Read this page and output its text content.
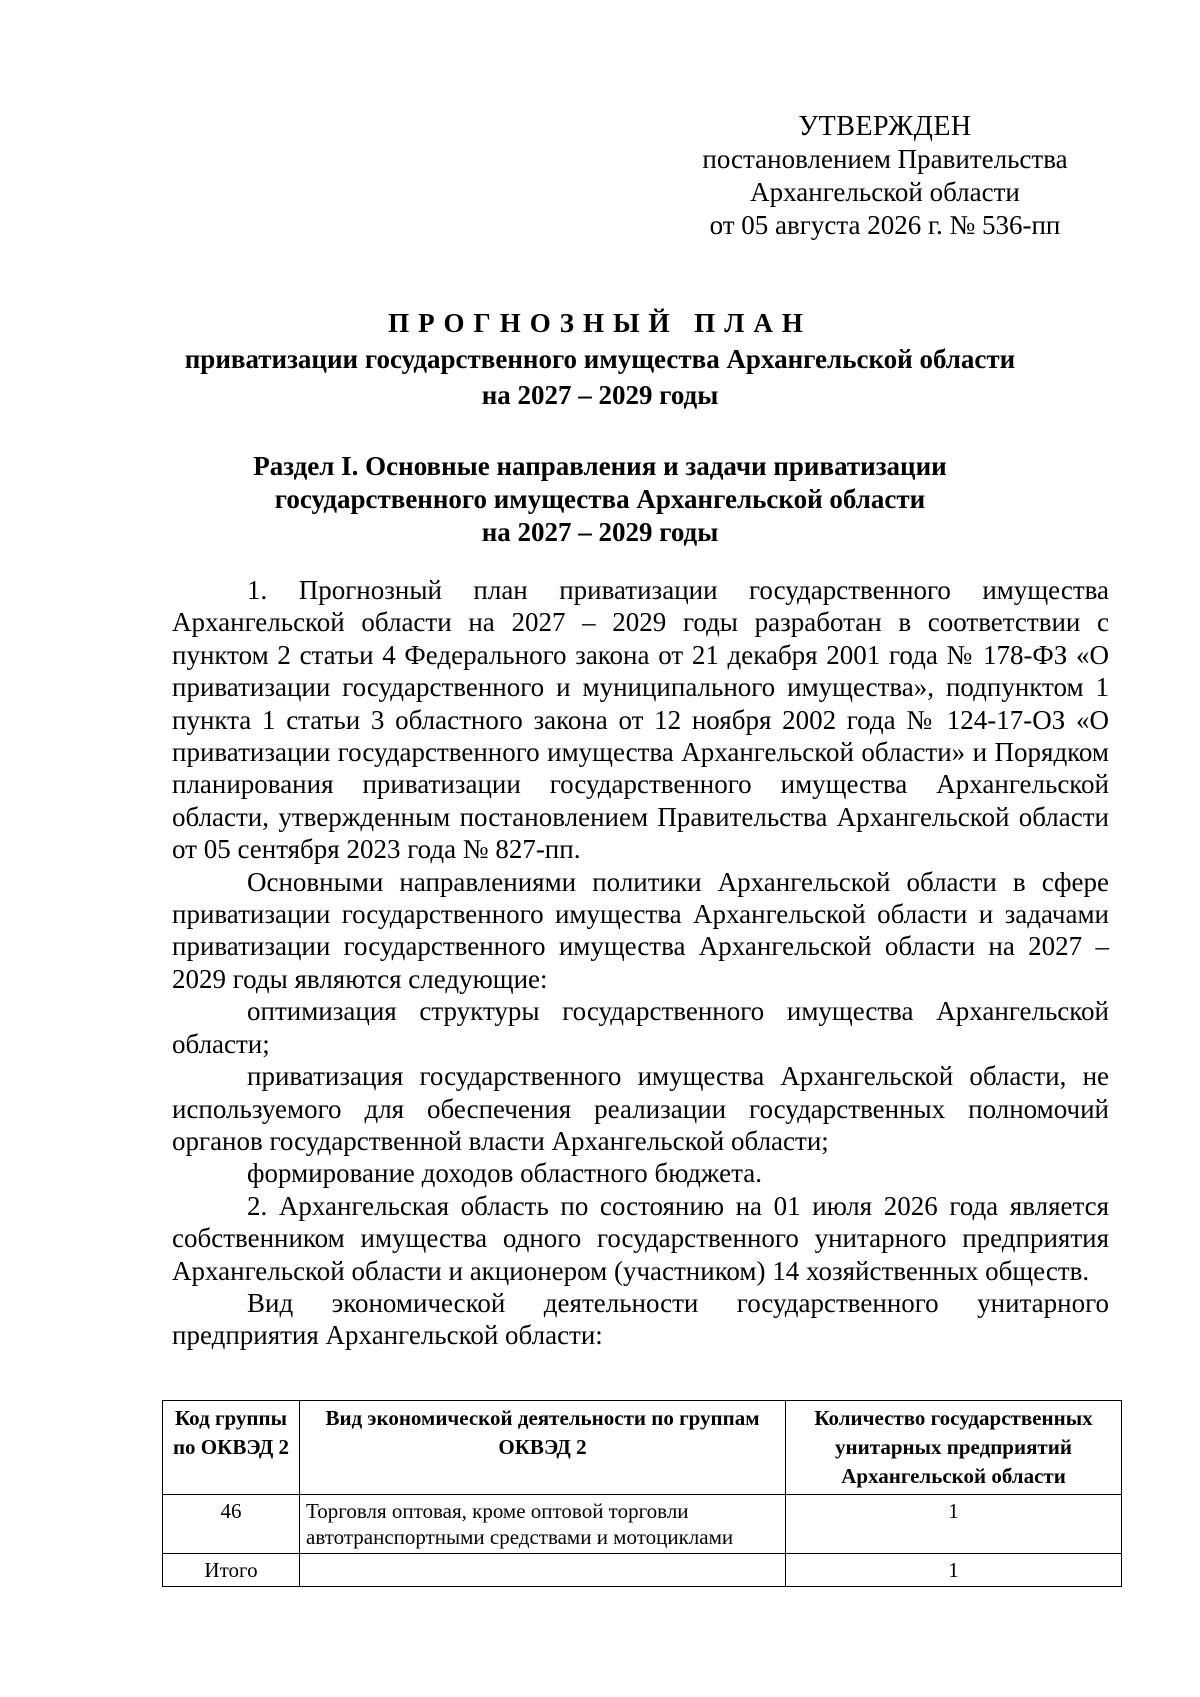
УТВЕРЖДЕН
постановлением Правительства
Архангельской области
от 05 августа 2026 г. № 536-пп
ПРОГНОЗНЫЙ ПЛАН
приватизации государственного имущества Архангельской области
на 2027 – 2029 годы
Раздел I. Основные направления и задачи приватизации
государственного имущества Архангельской области
на 2027 – 2029 годы

1. Прогнозный план приватизации государственного имущества Архангельской области на 2027 – 2029 годы разработан в соответствии с пунктом 2 статьи 4 Федерального закона от 21 декабря 2001 года № 178-ФЗ «О приватизации государственного и муниципального имущества», подпунктом 1 пункта 1 статьи 3 областного закона от 12 ноября 2002 года № 124-17-ОЗ «О приватизации государственного имущества Архангельской области» и Порядком планирования приватизации государственного имущества Архангельской области, утвержденным постановлением Правительства Архангельской области от 05 сентября 2023 года № 827-пп.

Основными направлениями политики Архангельской области в сфере приватизации государственного имущества Архангельской области и задачами приватизации государственного имущества Архангельской области на 2027 – 2029 годы являются следующие:

оптимизация структуры государственного имущества Архангельской области;

приватизация государственного имущества Архангельской области, не используемого для обеспечения реализации государственных полномочий органов государственной власти Архангельской области;

формирование доходов областного бюджета.

2. Архангельская область по состоянию на 01 июля 2026 года является собственником имущества одного государственного унитарного предприятия Архангельской области и акционером (участником) 14 хозяйственных обществ.

Вид экономической деятельности государственного унитарного предприятия Архангельской области:

Код группы по ОКВЭД 2	Вид экономической деятельности по группам ОКВЭД 2	Количество государственных унитарных предприятий Архангельской области
46	Торговля оптовая, кроме оптовой торговли автотранспортными средствами и мотоциклами	1
Итого		1
